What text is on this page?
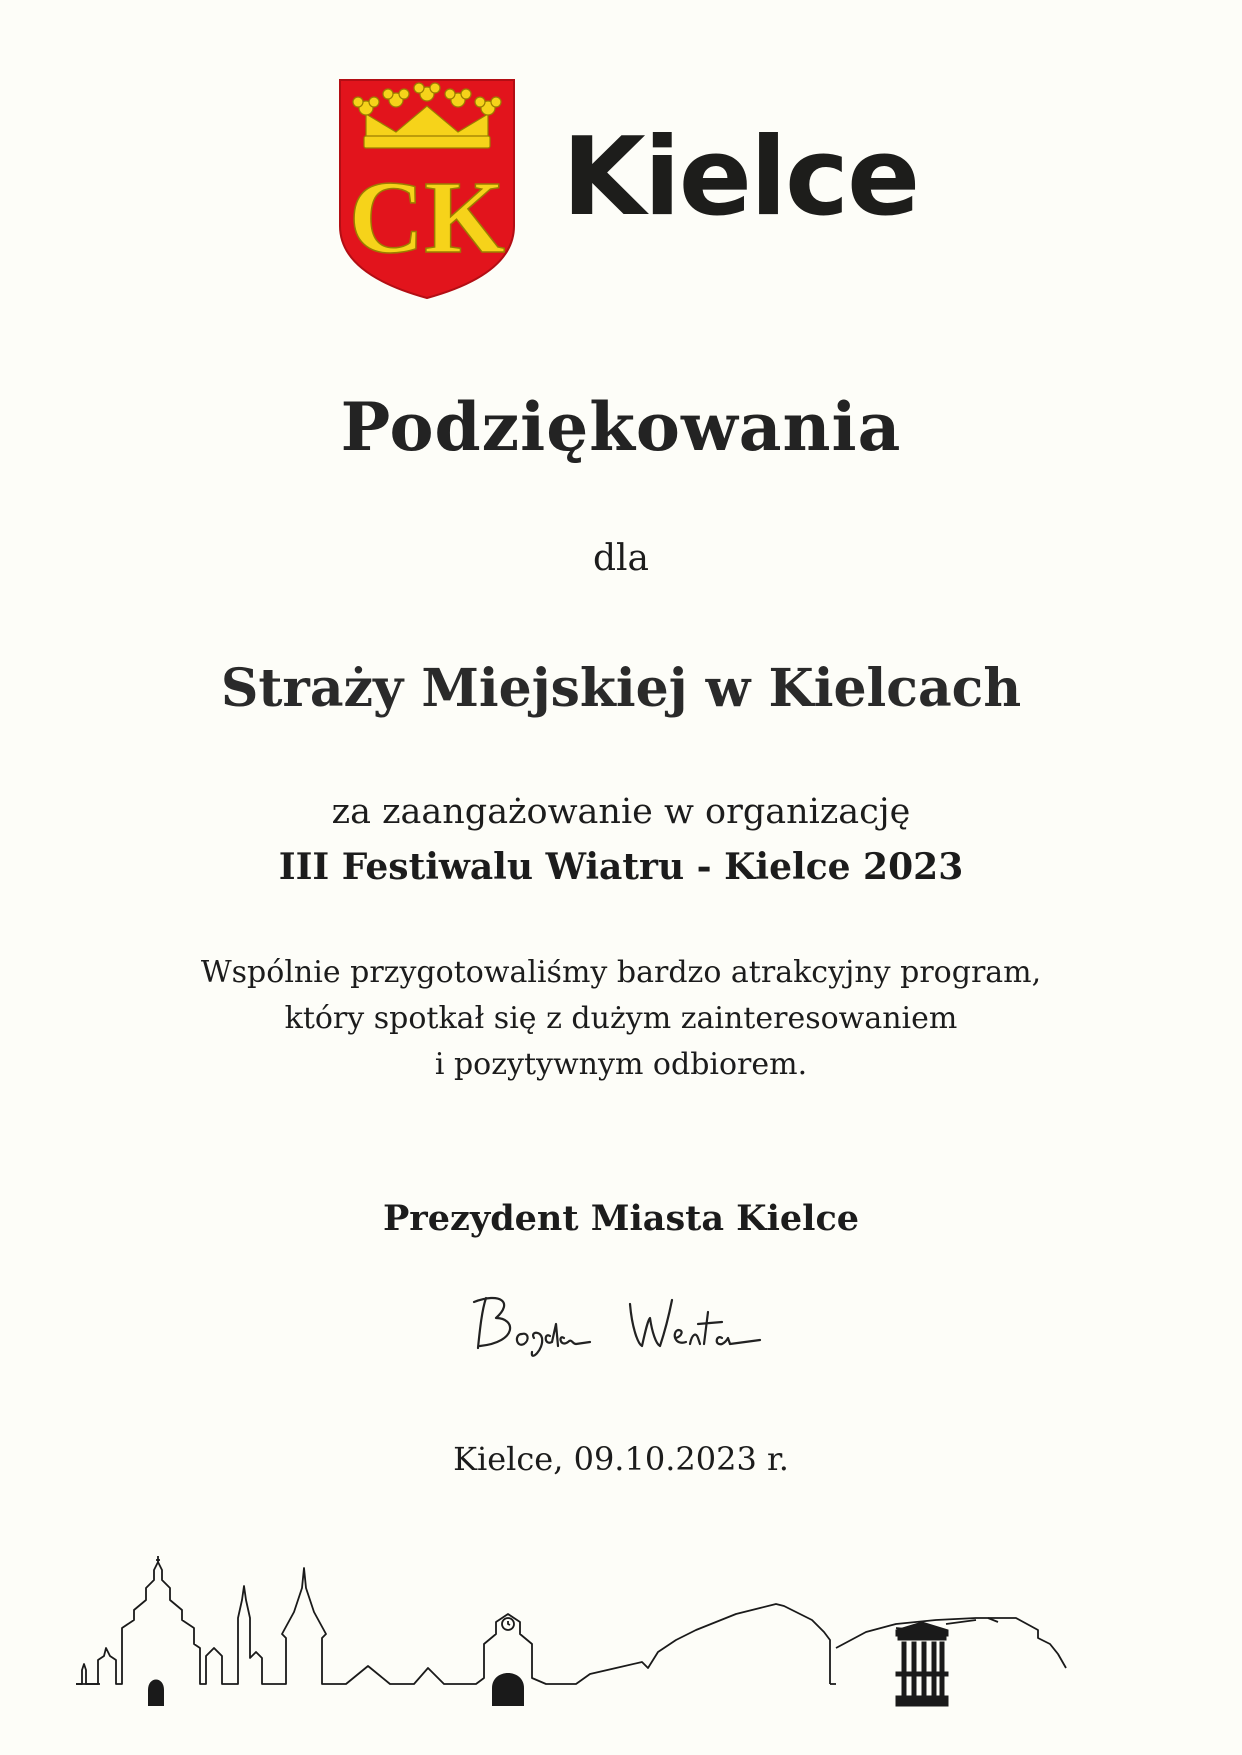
CK Kielce
Podziękowania
dla
Straży Miejskiej w Kielcach
za zaangażowanie w organizację
III Festiwalu Wiatru - Kielce 2023
Wspólnie przygotowaliśmy bardzo atrakcyjny program,
który spotkał się z dużym zainteresowaniem
i pozytywnym odbiorem.
Prezydent Miasta Kielce
Kielce, 09.10.2023 r.
